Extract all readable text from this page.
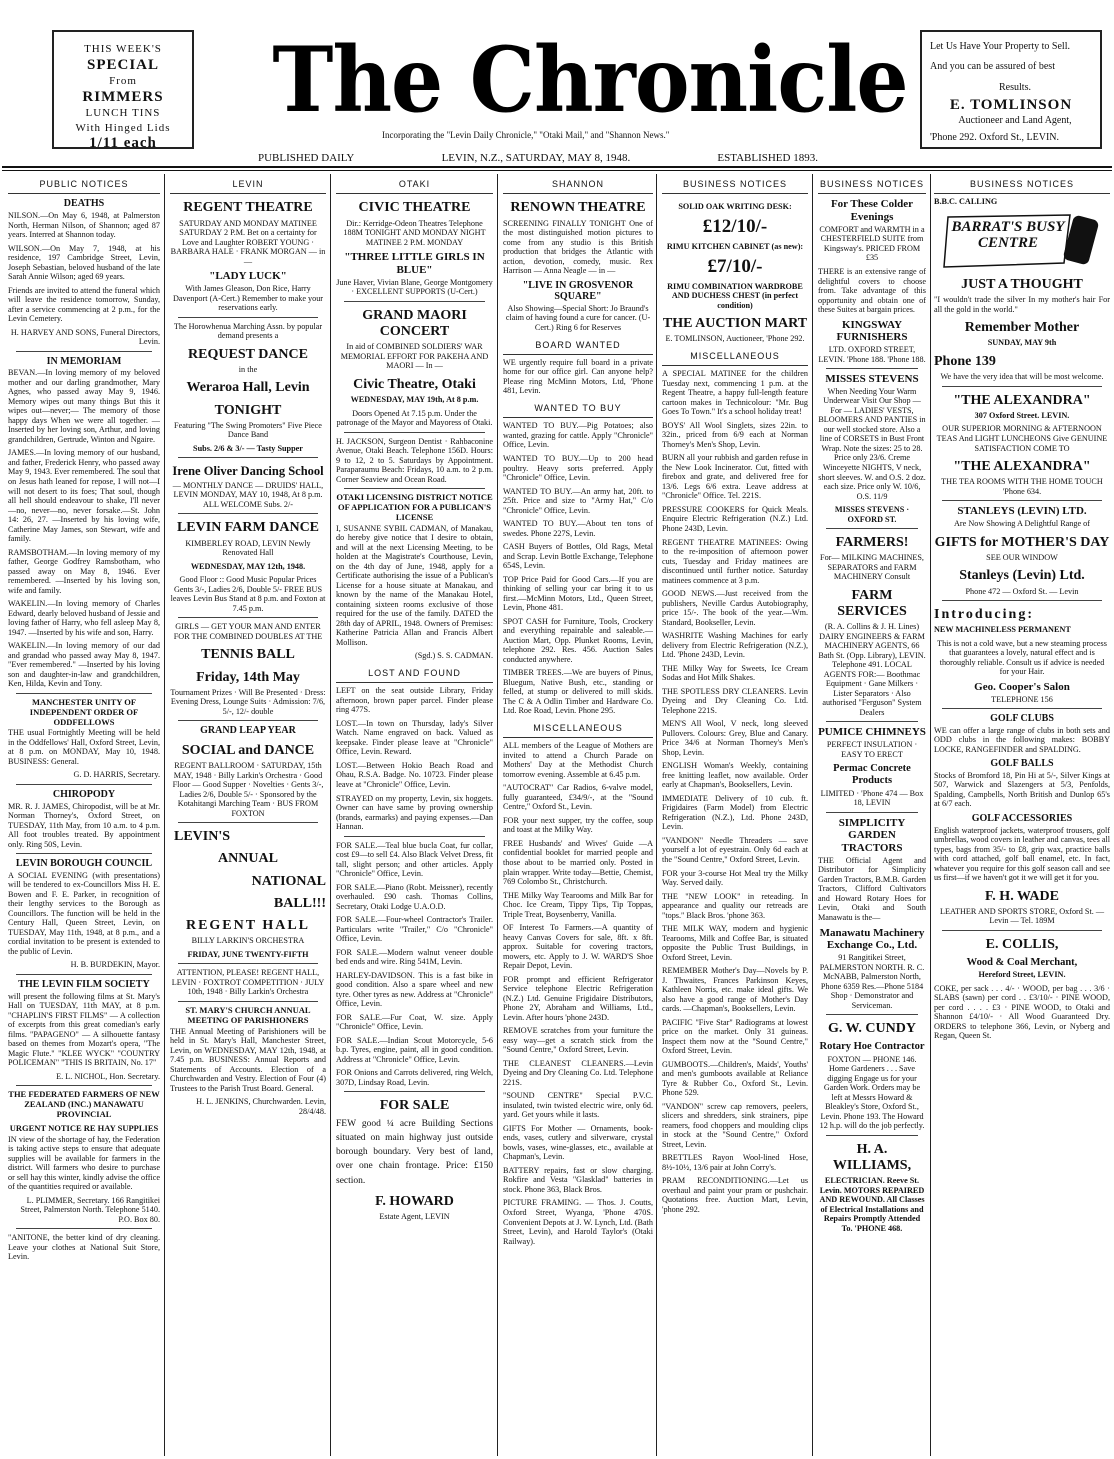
THIS WEEK'S
SPECIAL
From
RIMMERS
LUNCH TINS
With Hinged Lids
1/11 each
The Chronicle	Let Us Have Your Property to Sell.
And you can be assured of best
Results.
E. TOMLINSON
Auctioneer and Land Agent,
'Phone 292. Oxford St., LEVIN.
Incorporating the "Levin Daily Chronicle," "Otaki Mail," and "Shannon News."
PUBLISHED DAILY	LEVIN, N.Z., SATURDAY, MAY 8, 1948.	ESTABLISHED 1893.
PUBLIC NOTICES
DEATHS
NILSON.—On May 6, 1948, at Palmerston North, Herman Nilson, of Shannon; aged 87 years. Interred at Shannon today.
WILSON.—On May 7, 1948, at his residence, 197 Cambridge Street, Levin, Joseph Sebastian, beloved husband of the late Sarah Annie Wilson; aged 69 years.
Friends are invited to attend the funeral which will leave the residence tomorrow, Sunday, after a service commencing at 2 p.m., for the Levin Cemetery.
H. HARVEY AND SONS, Funeral Directors, Levin.
IN MEMORIAM
BEVAN.—In loving memory of my beloved mother and our darling grandmother, Mary Agnes, who passed away May 9, 1946. Memory wipes out many things But this it wipes out—never;— The memory of those happy days When we were all together. —Inserted by her loving son, Arthur, and loving grandchildren, Gertrude, Winton and Ngaire.
JAMES.—In loving memory of our husband, and father, Frederick Henry, who passed away May 9, 1943. Ever remembered. The soul that on Jesus hath leaned for repose, I will not—I will not desert to its foes; That soul, though all hell should endeavour to shake, I'll never—no, never—no, never forsake.—St. John 14: 26, 27. —Inserted by his loving wife, Catherine May James, son Stewart, wife and family.
RAMSBOTHAM.—In loving memory of my father, George Godfrey Ramsbotham, who passed away on May 8, 1946. Ever remembered. —Inserted by his loving son, wife and family.
WAKELIN.—In loving memory of Charles Edward, dearly beloved husband of Jessie and loving father of Harry, who fell asleep May 8, 1947. —Inserted by his wife and son, Harry.
WAKELIN.—In loving memory of our dad and grandad who passed away May 8, 1947. "Ever remembered." —Inserted by his loving son and daughter-in-law and grandchildren, Ken, Hilda, Kevin and Tony.
MANCHESTER UNITY OF INDEPENDENT ORDER OF ODDFELLOWS
THE usual Fortnightly Meeting will be held in the Oddfellows' Hall, Oxford Street, Levin, at 8 p.m. on MONDAY, May 10, 1948. BUSINESS: General.
G. D. HARRIS, Secretary.
CHIROPODY
MR. R. J. JAMES, Chiropodist, will be at Mr. Norman Thorney's, Oxford Street, on TUESDAY, 11th May, from 10 a.m. to 4 p.m. All foot troubles treated. By appointment only. Ring 50S, Levin.
LEVIN BOROUGH COUNCIL
A SOCIAL EVENING (with presentations) will be tendered to ex-Councillors Miss H. E. Bowen and F. E. Parker, in recognition of their lengthy services to the Borough as Councillors. The function will be held in the Century Hall, Queen Street, Levin, on TUESDAY, May 11th, 1948, at 8 p.m., and a cordial invitation to be present is extended to the public of Levin.
H. B. BURDEKIN, Mayor.
THE LEVIN FILM SOCIETY
will present the following films at St. Mary's Hall on TUESDAY, 11th MAY, at 8 p.m. "CHAPLIN'S FIRST FILMS" — A collection of excerpts from this great comedian's early films. "PAPAGENO" — A silhouette fantasy based on themes from Mozart's opera, "The Magic Flute." "KLEE WYCK" "COUNTRY POLICEMAN" "THIS IS BRITAIN, No. 17"
E. L. NICHOL, Hon. Secretary.
THE FEDERATED FARMERS OF NEW ZEALAND (INC.) MANAWATU PROVINCIAL
URGENT NOTICE RE HAY SUPPLIES
IN view of the shortage of hay, the Federation is taking active steps to ensure that adequate supplies will be available for farmers in the district. Will farmers who desire to purchase or sell hay this winter, kindly advise the office of the quantities required or available.
L. PLIMMER, Secretary. 166 Rangitikei Street, Palmerston North. Telephone 5140. P.O. Box 80.
"ANITONE, the better kind of dry cleaning. Leave your clothes at National Suit Store, Levin.
LEVIN
REGENT THEATRE
SATURDAY AND MONDAY MATINEE SATURDAY 2 P.M. Bet on a certainty for Love and Laughter ROBERT YOUNG · BARBARA HALE · FRANK MORGAN — in —
"LADY LUCK"
With James Gleason, Don Rice, Harry Davenport (A-Cert.) Remember to make your reservations early.
The Horowhenua Marching Assn. by popular demand presents a
REQUEST DANCE
in the
Weraroa Hall, Levin
TONIGHT
Featuring "The Swing Promoters" Five Piece Dance Band
Subs. 2/6 & 3/- — Tasty Supper
Irene Oliver Dancing School
— MONTHLY DANCE — DRUIDS' HALL, LEVIN MONDAY, MAY 10, 1948, At 8 p.m. ALL WELCOME Subs. 2/-
LEVIN FARM DANCE
KIMBERLEY ROAD, LEVIN Newly Renovated Hall
WEDNESDAY, MAY 12th, 1948.
Good Floor :: Good Music Popular Prices Gents 3/-, Ladies 2/6, Double 5/- FREE BUS leaves Levin Bus Stand at 8 p.m. and Foxton at 7.45 p.m.
GIRLS — GET YOUR MAN AND ENTER FOR THE COMBINED DOUBLES AT THE
TENNIS BALL
Friday, 14th May
Tournament Prizes · Will Be Presented · Dress: Evening Dress, Lounge Suits · Admission: 7/6, 5/-, 12/- double
GRAND LEAP YEAR
SOCIAL and DANCE
REGENT BALLROOM · SATURDAY, 15th MAY, 1948 · Billy Larkin's Orchestra · Good Floor — Good Supper · Novelties · Gents 3/-, Ladies 2/6, Double 5/- · Sponsored by the Kotahitangi Marching Team · BUS FROM FOXTON
LEVIN'S
ANNUAL
NATIONAL
BALL!!!
REGENT HALL
BILLY LARKIN'S ORCHESTRA
FRIDAY, JUNE TWENTY-FIFTH
ATTENTION, PLEASE! REGENT HALL, LEVIN · FOXTROT COMPETITION · JULY 10th, 1948 · Billy Larkin's Orchestra
ST. MARY'S CHURCH ANNUAL MEETING OF PARISHIONERS
THE Annual Meeting of Parishioners will be held in St. Mary's Hall, Manchester Street, Levin, on WEDNESDAY, MAY 12th, 1948, at 7.45 p.m. BUSINESS: Annual Reports and Statements of Accounts. Election of a Churchwarden and Vestry. Election of Four (4) Trustees to the Parish Trust Board. General.
H. L. JENKINS, Churchwarden. Levin, 28/4/48.
OTAKI
CIVIC THEATRE
Dir.: Kerridge-Odeon Theatres Telephone 188M TONIGHT AND MONDAY NIGHT MATINEE 2 P.M. MONDAY
"THREE LITTLE GIRLS IN BLUE"
June Haver, Vivian Blane, George Montgomery · EXCELLENT SUPPORTS (U-Cert.)
GRAND MAORI CONCERT
In aid of COMBINED SOLDIERS' WAR MEMORIAL EFFORT FOR PAKEHA AND MAORI — In —
Civic Theatre, Otaki
WEDNESDAY, MAY 19th, At 8 p.m.
Doors Opened At 7.15 p.m. Under the patronage of the Mayor and Mayoress of Otaki.
H. JACKSON, Surgeon Dentist · Rahbaconine Avenue, Otaki Beach. Telephone 156D. Hours: 9 to 12, 2 to 5. Saturdays by Appointment. Paraparaumu Beach: Fridays, 10 a.m. to 2 p.m. Corner Seaview and Ocean Road.
OTAKI LICENSING DISTRICT NOTICE OF APPLICATION FOR A PUBLICAN'S LICENSE
I, SUSANNE SYBIL CADMAN, of Manakau, do hereby give notice that I desire to obtain, and will at the next Licensing Meeting, to be holden at the Magistrate's Courthouse, Levin, on the 4th day of June, 1948, apply for a Certificate authorising the issue of a Publican's License for a house situate at Manakau, and known by the name of the Manakau Hotel, containing sixteen rooms exclusive of those required for the use of the family. DATED the 28th day of APRIL, 1948. Owners of Premises: Katherine Patricia Allan and Francis Albert Mollison.
(Sgd.) S. S. CADMAN.
LOST AND FOUND
LEFT on the seat outside Library, Friday afternoon, brown paper parcel. Finder please ring 477S.
LOST.—In town on Thursday, lady's Silver Watch. Name engraved on back. Valued as keepsake. Finder please leave at "Chronicle" Office, Levin. Reward.
LOST.—Between Hokio Beach Road and Ohau, R.S.A. Badge. No. 10723. Finder please leave at "Chronicle" Office, Levin.
STRAYED on my property, Levin, six hoggets. Owner can have same by proving ownership (brands, earmarks) and paying expenses.—Dan Hannan.
FOR SALE.—Teal blue bucla Coat, fur collar, cost £9—to sell £4. Also Black Velvet Dress, fit tall, slight person; and other articles. Apply "Chronicle" Office, Levin.
FOR SALE.—Piano (Robt. Meissner), recently overhauled. £90 cash. Thomas Collins, Secretary, Otaki Lodge U.A.O.D.
FOR SALE.—Four-wheel Contractor's Trailer. Particulars write "Trailer," C/o "Chronicle" Office, Levin.
FOR SALE.—Modern walnut veneer double bed ends and wire. Ring 541M, Levin.
HARLEY-DAVIDSON. This is a fast bike in good condition. Also a spare wheel and new tyre. Other tyres as new. Address at "Chronicle" Office, Levin.
FOR SALE.—Fur Coat, W. size. Apply "Chronicle" Office, Levin.
FOR SALE.—Indian Scout Motorcycle, 5-6 b.p. Tyres, engine, paint, all in good condition. Address at "Chronicle" Office, Levin.
FOR Onions and Carrots delivered, ring Welch, 307D, Lindsay Road, Levin.
FOR SALE
FEW good ¼ acre Building Sections situated on main highway just outside borough boundary. Very best of land, over one chain frontage. Price: £150 section.
F. HOWARD
Estate Agent, LEVIN
SHANNON
RENOWN THEATRE
SCREENING FINALLY TONIGHT One of the most distinguished motion pictures to come from any studio is this British production that bridges the Atlantic with action, devotion, comedy, music. Rex Harrison — Anna Neagle — in —
"LIVE IN GROSVENOR SQUARE"
Also Showing—Special Short: Jo Braund's claim of having found a cure for cancer. (U-Cert.) Ring 6 for Reserves
BOARD WANTED
WE urgently require full board in a private home for our office girl. Can anyone help? Please ring McMinn Motors, Ltd, 'Phone 481, Levin.
WANTED TO BUY
WANTED TO BUY.—Pig Potatoes; also wanted, grazing for cattle. Apply "Chronicle" Office, Levin.
WANTED TO BUY.—Up to 200 head poultry. Heavy sorts preferred. Apply "Chronicle" Office, Levin.
WANTED TO BUY.—An army hat, 20ft. to 25ft. Price and size to "Army Hat," C/o "Chronicle" Office, Levin.
WANTED TO BUY.—About ten tons of swedes. Phone 227S, Levin.
CASH Buyers of Bottles, Old Rags, Metal and Scrap. Levin Bottle Exchange, Telephone 654S, Levin.
TOP Price Paid for Good Cars.—If you are thinking of selling your car bring it to us first.—McMinn Motors, Ltd., Queen Street, Levin, Phone 481.
SPOT CASH for Furniture, Tools, Crockery and everything repairable and saleable.—Auction Mart, Opp. Plunket Rooms, Levin, telephone 292. Res. 456. Auction Sales conducted anywhere.
TIMBER TREES.—We are buyers of Pinus, Bluegum, Native Bush, etc., standing or felled, at stump or delivered to mill skids. The C & A Odlin Timber and Hardware Co. Ltd. Roe Road, Levin. Phone 295.
MISCELLANEOUS
ALL members of the League of Mothers are invited to attend a Church Parade on Mothers' Day at the Methodist Church tomorrow evening. Assemble at 6.45 p.m.
"AUTOCRAT" Car Radios, 6-valve model, fully guaranteed, £34/9/-, at the "Sound Centre," Oxford St., Levin.
FOR your next supper, try the coffee, soup and toast at the Milky Way.
FREE Husbands' and Wives' Guide —A confidential booklet for married people and those about to be married only. Posted in plain wrapper. Write today—Bettie, Chemist, 769 Colombo St., Christchurch.
THE Milky Way Tearooms and Milk Bar for Choc. Ice Cream, Tippy Tips, Tip Toppas, Triple Treat, Boysenberry, Vanilla.
OF Interest To Farmers.—A quantity of heavy Canvas Covers for sale, 8ft. x 8ft. approx. Suitable for covering tractors, mowers, etc. Apply to J. W. WARD'S Shoe Repair Depot, Levin.
FOR prompt and efficient Refrigerator Service telephone Electric Refrigeration (N.Z.) Ltd. Genuine Frigidaire Distributors, Phone 2Y, Abraham and Williams, Ltd., Levin. After hours 'phone 243D.
REMOVE scratches from your furniture the easy way—get a scratch stick from the "Sound Centre," Oxford Street, Levin.
THE CLEANEST CLEANERS.—Levin Dyeing and Dry Cleaning Co. Ltd. Telephone 221S.
"SOUND CENTRE" Special P.V.C. insulated, twin twisted electric wire, only 6d. yard. Get yours while it lasts.
GIFTS For Mother — Ornaments, book-ends, vases, cutlery and silverware, crystal bowls, vases, wine-glasses, etc., available at Chapman's, Levin.
BATTERY repairs, fast or slow charging. Rokfire and Vesta "Glasklad" batteries in stock. Phone 363, Black Bros.
PICTURE FRAMING. — Thos. J. Coutts, Oxford Street, Wyanga, 'Phone 470S. Convenient Depots at J. W. Lynch, Ltd. (Bath Street, Levin), and Harold Taylor's (Otaki Railway).
BUSINESS NOTICES
SOLID OAK WRITING DESK:
£12/10/-
RIMU KITCHEN CABINET (as new):
£7/10/-
RIMU COMBINATION WARDROBE AND DUCHESS CHEST (in perfect condition)
THE AUCTION MART
E. TOMLINSON, Auctioneer, 'Phone 292.
MISCELLANEOUS
A SPECIAL MATINEE for the children Tuesday next, commencing 1 p.m. at the Regent Theatre, a happy full-length feature cartoon makes in Technicolour: "Mr. Bug Goes To Town." It's a school holiday treat!
BOYS' All Wool Singlets, sizes 22in. to 32in., priced from 6/9 each at Norman Thorney's Men's Shop, Levin.
BURN all your rubbish and garden refuse in the New Look Incinerator. Cut, fitted with firebox and grate, and delivered free for 13/6. Legs 6/6 extra. Leave address at "Chronicle" Office. Tel. 221S.
PRESSURE COOKERS for Quick Meals. Enquire Electric Refrigeration (N.Z.) Ltd. Phone 243D, Levin.
REGENT THEATRE MATINEES: Owing to the re-imposition of afternoon power cuts, Tuesday and Friday matinees are discontinued until further notice. Saturday matinees commence at 3 p.m.
GOOD NEWS.—Just received from the publishers, Neville Cardus Autobiography, price 15/-. The book of the year.—Wm. Standard, Bookseller, Levin.
WASHRITE Washing Machines for early delivery from Electric Refrigeration (N.Z.), Ltd. 'Phone 243D, Levin.
THE Milky Way for Sweets, Ice Cream Sodas and Hot Milk Shakes.
THE SPOTLESS DRY CLEANERS. Levin Dyeing and Dry Cleaning Co. Ltd. Telephone 221S.
MEN'S All Wool, V neck, long sleeved Pullovers. Colours: Grey, Blue and Canary. Price 34/6 at Norman Thorney's Men's Shop, Levin.
ENGLISH Woman's Weekly, containing free knitting leaflet, now available. Order early at Chapman's, Booksellers, Levin.
IMMEDIATE Delivery of 10 cub. ft. Frigidaires (Farm Model) from Electric Refrigeration (N.Z.), Ltd. Phone 243D, Levin.
"VANDON" Needle Threaders — save yourself a lot of eyestrain. Only 6d each at the "Sound Centre," Oxford Street, Levin.
FOR your 3-course Hot Meal try the Milky Way. Served daily.
THE "NEW LOOK" in reteading. In appearance and quality our retreads are "tops." Black Bros. 'phone 363.
THE MILK WAY, modern and hygienic Tearooms, Milk and Coffee Bar, is situated opposite the Public Trust Buildings, in Oxford Street, Levin.
REMEMBER Mother's Day—Novels by P. J. Thwaites, Frances Parkinson Keyes, Kathleen Norris, etc. make ideal gifts. We also have a good range of Mother's Day cards. —Chapman's, Booksellers, Levin.
PACIFIC "Five Star" Radiograms at lowest price on the market. Only 31 guineas. Inspect them now at the "Sound Centre," Oxford Street, Levin.
GUMBOOTS.—Children's, Maids', Youths' and men's gumboots available at Reliance Tyre & Rubber Co., Oxford St., Levin. Phone 529.
"VANDON" screw cap removers, peelers, slicers and shredders, sink strainers, pipe reamers, food choppers and moulding clips in stock at the "Sound Centre," Oxford Street, Levin.
BRETTLES Rayon Wool-lined Hose, 8½-10½, 13/6 pair at John Corry's.
PRAM RECONDITIONING.—Let us overhaul and paint your pram or pushchair. Quotations free. Auction Mart, Levin, 'phone 292.
BUSINESS NOTICES
For These Colder Evenings
COMFORT and WARMTH in a CHESTERFIELD SUITE from Kingsway's. PRICED FROM £35
THERE is an extensive range of delightful covers to choose from. Take advantage of this opportunity and obtain one of these Suites at bargain prices.
KINGSWAY FURNISHERS
LTD. OXFORD STREET, LEVIN. 'Phone 188. 'Phone 188.
MISSES STEVENS
When Needing Your Warm Underwear Visit Our Shop — For — LADIES' VESTS, BLOOMERS AND PANTIES in our well stocked store. Also a line of CORSETS in Bust Front Wrap. Note the sizes: 25 to 28. Price only 23/6. Creme Winceyette NIGHTS, V neck, short sleeves. W. and O.S. 2 doz. each size. Price only W. 10/6, O.S. 11/9
MISSES STEVENS · OXFORD ST.
FARMERS!
For— MILKING MACHINES, SEPARATORS and FARM MACHINERY Consult
FARM SERVICES
(R. A. Collins & J. H. Lines) DAIRY ENGINEERS & FARM MACHINERY AGENTS, 66 Bath St. (Opp. Library), LEVIN. Telephone 491. LOCAL AGENTS FOR:— Boothmac Equipment · Gane Milkers · Lister Separators · Also authorised "Ferguson" System Dealers
PUMICE CHIMNEYS
PERFECT INSULATION · EASY TO ERECT
Permac Concrete Products
LIMITED · 'Phone 474 — Box 18, LEVIN
SIMPLICITY GARDEN TRACTORS
THE Official Agent and Distributor for Simplicity Garden Tractors, B.M.B. Garden Tractors, Clifford Cultivators and Howard Rotary Hoes for Levin, Otaki and South Manawatu is the—
Manawatu Machinery Exchange Co., Ltd.
91 Rangitikei Street, PALMERSTON NORTH. R. C. McNABB, Palmerston North, Phone 6359 Res.—Phone 5184 Shop · Demonstrator and Serviceman.
G. W. CUNDY
Rotary Hoe Contractor
FOXTON — PHONE 146. Home Gardeners . . . Save digging Engage us for your Garden Work. Orders may be left at Messrs Howard & Bleakley's Store, Oxford St., Levin. Phone 193. The Howard 12 h.p. will do the job perfectly.
H. A. WILLIAMS,
ELECTRICIAN. Reeve St. Levin. MOTORS REPAIRED AND REWOUND. All Classes of Electrical Installations and Repairs Promptly Attended To. 'PHONE 468.
BUSINESS NOTICES
B.B.C. CALLING
BARRAT'S BUSY CENTRE
JUST A THOUGHT
"I wouldn't trade the silver In my mother's hair For all the gold in the world."
Remember Mother
SUNDAY, MAY 9th
Phone 139
We have the very idea that will be most welcome.
"THE ALEXANDRA"
307 Oxford Street. LEVIN.
OUR SUPERIOR MORNING & AFTERNOON TEAS And LIGHT LUNCHEONS Give GENUINE SATISFACTION COME TO
"THE ALEXANDRA"
THE TEA ROOMS WITH THE HOME TOUCH 'Phone 634.
STANLEYS (LEVIN) LTD.
Are Now Showing A Delightful Range of
GIFTS for MOTHER'S DAY
SEE OUR WINDOW
Stanleys (Levin) Ltd.
Phone 472 — Oxford St. — Levin
Introducing:
NEW MACHINELESS PERMANENT
This is not a cold wave, but a new steaming process that guarantees a lovely, natural effect and is thoroughly reliable. Consult us if advice is needed for your Hair.
Geo. Cooper's Salon
TELEPHONE 156
GOLF CLUBS
WE can offer a large range of clubs in both sets and ODD clubs in the following makes: BOBBY LOCKE, RANGEFINDER and SPALDING.
GOLF BALLS
Stocks of Bromford 18, Pin Hi at 5/-, Silver Kings at 507, Warwick and Slazengers at 5/3, Penfolds, Spalding, Campbells, North British and Dunlop 65's at 6/7 each.
GOLF ACCESSORIES
English waterproof jackets, waterproof trousers, golf umbrellas, wood covers in leather and canvas, tees all types, bags from 35/- to £8, grip wax, practice balls with cord attached, golf ball enamel, etc. In fact, whatever you require for this golf season call and see us first—if we haven't got it we will get it for you.
F. H. WADE
LEATHER AND SPORTS STORE, Oxford St. — Levin — Tel. 189M
E. COLLIS,
Wood & Coal Merchant,
Hereford Street, LEVIN.
COKE, per sack . . . 4/- · WOOD, per bag . . . 3/6 · SLABS (sawn) per cord . . £3/10/- · PINE WOOD, per cord . . . . £3 · PINE WOOD, to Otaki and Shannon £4/10/- · All Wood Guaranteed Dry. ORDERS to telephone 366, Levin, or Nyberg and Regan, Queen St.
